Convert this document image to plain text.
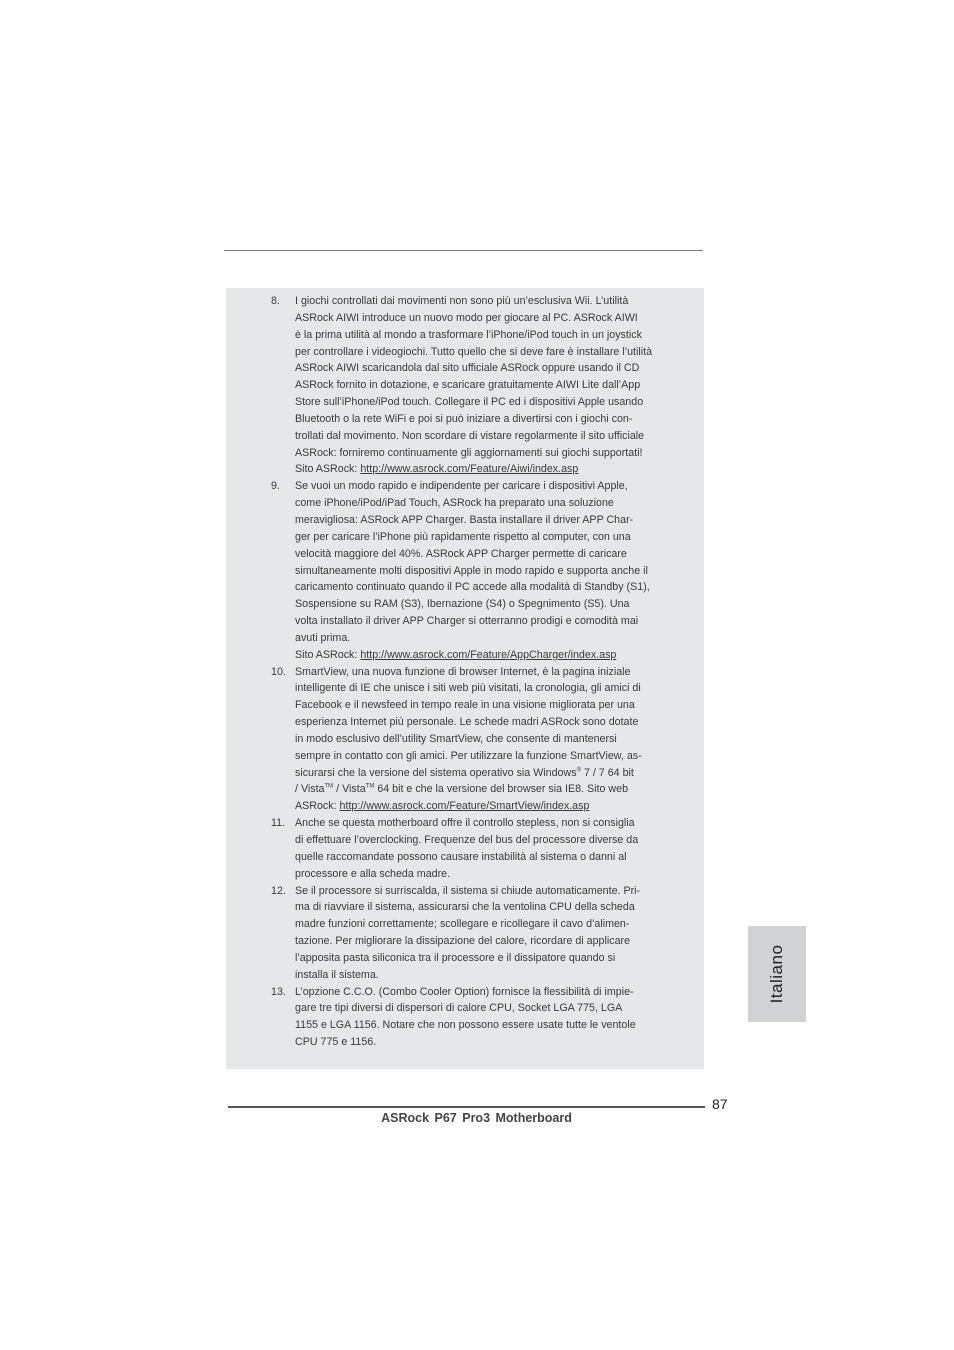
8.	I giochi controllati dai movimenti non sono più un’esclusiva Wii. L’utilità
ASRock AIWI introduce un nuovo modo per giocare al PC. ASRock AIWI
è la prima utilità al mondo a trasformare l’iPhone/iPod touch in un joystick
per controllare i videogiochi. Tutto quello che si deve fare è installare l’utilità
ASRock AIWI scaricandola dal sito ufficiale ASRock oppure usando il CD
ASRock fornito in dotazione, e scaricare gratuitamente AIWI Lite dall’App
Store sull’iPhone/iPod touch. Collegare il PC ed i dispositivi Apple usando
Bluetooth o la rete WiFi e poi si può iniziare a divertirsi con i giochi con-
trollati dal movimento. Non scordare di vistare regolarmente il sito ufficiale
ASRock: forniremo continuamente gli aggiornamenti sui giochi supportati!
Sito ASRock: http://www.asrock.com/Feature/Aiwi/index.asp
9.	Se vuoi un modo rapido e indipendente per caricare i dispositivi Apple,
come iPhone/iPod/iPad Touch, ASRock ha preparato una soluzione
meravigliosa: ASRock APP Charger. Basta installare il driver APP Char-
ger per caricare l’iPhone più rapidamente rispetto al computer, con una
velocità maggiore del 40%. ASRock APP Charger permette di caricare
simultaneamente molti dispositivi Apple in modo rapido e supporta anche il
caricamento continuato quando il PC accede alla modalità di Standby (S1),
Sospensione su RAM (S3), Ibernazione (S4) o Spegnimento (S5). Una
volta installato il driver APP Charger si otterranno prodigi e comodità mai
avuti prima.
Sito ASRock: http://www.asrock.com/Feature/AppCharger/index.asp
10. SmartView, una nuova funzione di browser Internet, è la pagina iniziale
intelligente di IE che unisce i siti web più visitati, la cronologia, gli amici di
Facebook e il newsfeed in tempo reale in una visione migliorata per una
esperienza Internet più personale. Le schede madri ASRock sono dotate
in modo esclusivo dell’utility SmartView, che consente di mantenersi
sempre in contatto con gli amici. Per utilizzare la funzione SmartView, as-
sicurarsi che la versione del sistema operativo sia Windows® 7 / 7 64 bit
/ Vista™ / Vista™ 64 bit e che la versione del browser sia IE8. Sito web
ASRock: http://www.asrock.com/Feature/SmartView/index.asp
11. Anche se questa motherboard offre il controllo stepless, non si consiglia
di effettuare l’overclocking. Frequenze del bus del processore diverse da
quelle raccomandate possono causare instabilità al sistema o danni al
processore e alla scheda madre.
12. Se il processore si surriscalda, il sistema si chiude automaticamente. Pri-
ma di riavviare il sistema, assicurarsi che la ventolina CPU della scheda
madre funzioni correttamente; scollegare e ricollegare il cavo d’alimen-
tazione. Per migliorare la dissipazione del calore, ricordare di applicare
l’apposita pasta siliconica tra il processore e il dissipatore quando si
installa il sistema.
13. L’opzione C.C.O. (Combo Cooler Option) fornisce la flessibilità di impie-
gare tre tipi diversi di dispersori di calore CPU, Socket LGA 775, LGA
1155 e LGA 1156. Notare che non possono essere usate tutte le ventole
CPU 775 e 1156.
Italiano
87
ASRock P67 Pro3 Motherboard
